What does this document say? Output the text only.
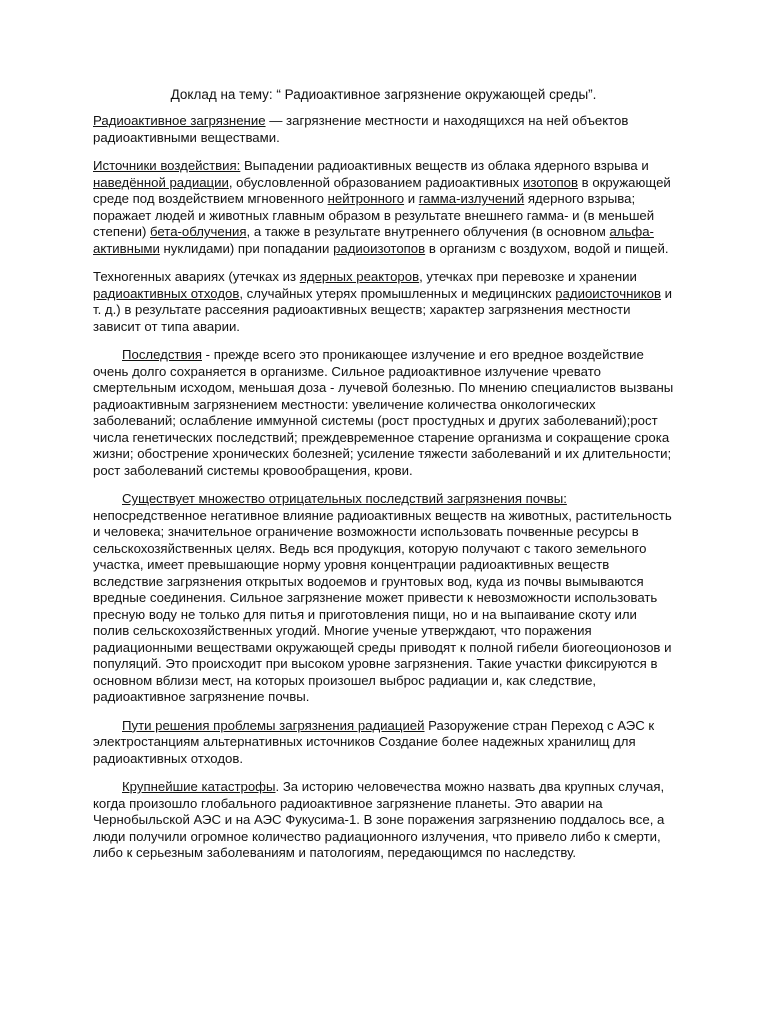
Доклад на тему: “ Радиоактивное загрязнение окружающей среды”.

Радиоактивное загрязнение — загрязнение местности и находящихся на ней объектов радиоактивными веществами.

Источники воздействия: Выпадении радиоактивных веществ из облака ядерного взрыва и наведённой радиации, обусловленной образованием радиоактивных изотопов в окружающей среде под воздействием мгновенного нейтронного и гамма-излучений ядерного взрыва; поражает людей и животных главным образом в результате внешнего гамма- и (в меньшей степени) бета-облучения, а также в результате внутреннего облучения (в основном альфа-активными нуклидами) при попадании радиоизотопов в организм с воздухом, водой и пищей.

Техногенных авариях (утечках из ядерных реакторов, утечках при перевозке и хранении радиоактивных отходов, случайных утерях промышленных и медицинских радиоисточников и т. д.) в результате рассеяния радиоактивных веществ; характер загрязнения местности зависит от типа аварии.

Последствия - прежде всего это проникающее излучение и его вредное воздействие очень долго сохраняется в организме. Сильное радиоактивное излучение чревато смертельным исходом, меньшая доза - лучевой болезнью. По мнению специалистов вызваны радиоактивным загрязнением местности: увеличение количества онкологических заболеваний; ослабление иммунной системы (рост простудных и других заболеваний);рост числа генетических последствий; преждевременное старение организма и сокращение срока жизни; обострение хронических болезней; усиление тяжести заболеваний и их длительности; рост заболеваний системы кровообращения, крови.

Существует множество отрицательных последствий загрязнения почвы: непосредственное негативное влияние радиоактивных веществ на животных, растительность и человека; значительное ограничение возможности использовать почвенные ресурсы в сельскохозяйственных целях. Ведь вся продукция, которую получают с такого земельного участка, имеет превышающие норму уровня концентрации радиоактивных веществ вследствие загрязнения открытых водоемов и грунтовых вод, куда из почвы вымываются вредные соединения. Сильное загрязнение может привести к невозможности использовать пресную воду не только для питья и приготовления пищи, но и на выпаивание скоту или полив сельскохозяйственных угодий. Многие ученые утверждают, что поражения радиационными веществами окружающей среды приводят к полной гибели биогеоционозов и популяций. Это происходит при высоком уровне загрязнения. Такие участки фиксируются в основном вблизи мест, на которых произошел выброс радиации и, как следствие, радиоактивное загрязнение почвы.

Пути решения проблемы загрязнения радиацией Разоружение стран Переход с АЭС к электростанциям альтернативных источников Создание более надежных хранилищ для радиоактивных отходов.

Крупнейшие катастрофы. За историю человечества можно назвать два крупных случая, когда произошло глобального радиоактивное загрязнение планеты. Это аварии на Чернобыльской АЭС и на АЭС Фукусима-1. В зоне поражения загрязнению поддалось все, а люди получили огромное количество радиационного излучения, что привело либо к смерти, либо к серьезным заболеваниям и патологиям, передающимся по наследству.
